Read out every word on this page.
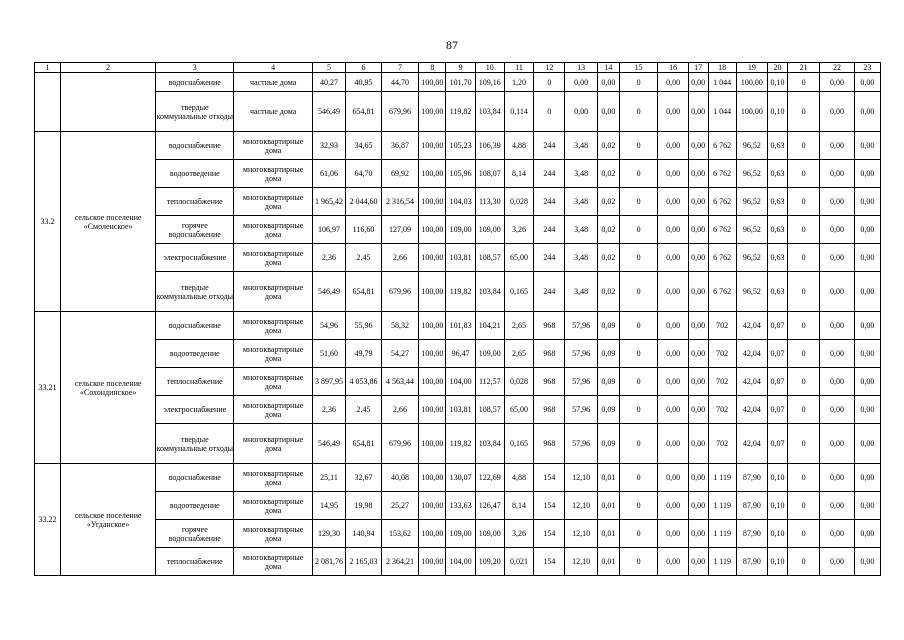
87
1	2	3	4	5	6	7	8	9	10	11	12	13	14	15	16	17	18	19	20	21	22	23
		водоснабжение	частные дома	40,27	40,95	44,70	100,00	101,70	109,16	1,20	0	0,00	0,00	0	0,00	0,00	1 044	100,00	0,10	0	0,00	0,00
		твердые коммунальные отходы	частные дома	546,49	654,81	679,96	100,00	119,82	103,84	0,114	0	0,00	0,00	0	0,00	0,00	1 044	100,00	0,10	0	0,00	0,00
33.2	сельское поселение «Смоленское»	водоснабжение	многоквартирные дома	32,93	34,65	36,87	100,00	105,23	106,39	4,88	244	3,48	0,02	0	0,00	0,00	6 762	96,52	0,63	0	0,00	0,00
		водоотведение	многоквартирные дома	61,06	64,70	69,92	100,00	105,96	108,07	8,14	244	3,48	0,02	0	0,00	0,00	6 762	96,52	0,63	0	0,00	0,00
		теплоснабжение	многоквартирные дома	1 965,42	2 044,60	2 316,54	100,00	104,03	113,30	0,028	244	3,48	0,02	0	0,00	0,00	6 762	96,52	0,63	0	0,00	0,00
		горячее водоснабжение	многоквартирные дома	106,97	116,60	127,09	100,00	109,00	109,00	3,26	244	3,48	0,02	0	0,00	0,00	6 762	96,52	0,63	0	0,00	0,00
		электроснабжение	многоквартирные дома	2,36	2,45	2,66	100,00	103,81	108,57	65,00	244	3,48	0,02	0	0,00	0,00	6 762	96,52	0,63	0	0,00	0,00
		твердые коммунальные отходы	многоквартирные дома	546,49	654,81	679,96	100,00	119,82	103,84	0,165	244	3,48	0,02	0	0,00	0,00	6 762	96,52	0,63	0	0,00	0,00
33.21	сельское поселение «Сохондинское»	водоснабжение	многоквартирные дома	54,96	55,96	58,32	100,00	101,83	104,21	2,65	968	57,96	0,09	0	0,00	0,00	702	42,04	0,07	0	0,00	0,00
		водоотведение	многоквартирные дома	51,60	49,79	54,27	100,00	96,47	109,00	2,65	968	57,96	0,09	0	0,00	0,00	702	42,04	0,07	0	0,00	0,00
		теплоснабжение	многоквартирные дома	3 897,95	4 053,86	4 563,44	100,00	104,00	112,57	0,028	968	57,96	0,09	0	0,00	0,00	702	42,04	0,07	0	0,00	0,00
		электроснабжение	многоквартирные дома	2,36	2,45	2,66	100,00	103,81	108,57	65,00	968	57,96	0,09	0	0,00	0,00	702	42,04	0,07	0	0,00	0,00
		твердые коммунальные отходы	многоквартирные дома	546,49	654,81	679,96	100,00	119,82	103,84	0,165	968	57,96	0,09	0	0,00	0,00	702	42,04	0,07	0	0,00	0,00
33.22	сельское поселение «Угданское»	водоснабжение	многоквартирные дома	25,11	32,67	40,08	100,00	130,07	122,69	4,88	154	12,10	0,01	0	0,00	0,00	1 119	87,90	0,10	0	0,00	0,00
		водоотведение	многоквартирные дома	14,95	19,98	25,27	100,00	133,63	126,47	8,14	154	12,10	0,01	0	0,00	0,00	1 119	87,90	0,10	0	0,00	0,00
		горячее водоснабжение	многоквартирные дома	129,30	140,94	153,62	100,00	109,00	109,00	3,26	154	12,10	0,01	0	0,00	0,00	1 119	87,90	0,10	0	0,00	0,00
		теплоснабжение	многоквартирные дома	2 081,76	2 165,03	2 364,21	100,00	104,00	109,20	0,021	154	12,10	0,01	0	0,00	0,00	1 119	87,90	0,10	0	0,00	0,00
